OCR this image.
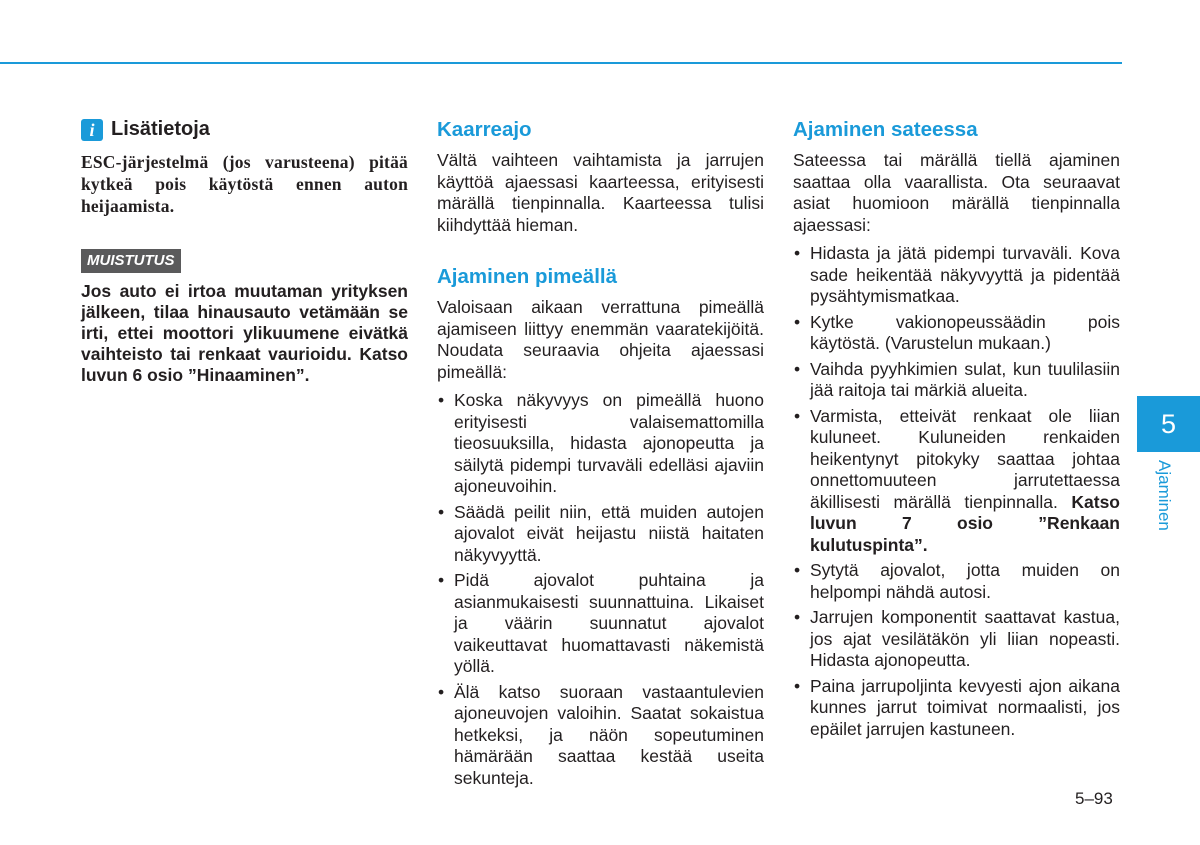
i Lisätietoja

ESC-järjestelmä (jos varusteena) pitää kytkeä pois käytöstä ennen auton heijaamista.

MUISTUTUS

Jos auto ei irtoa muutaman yrityksen jälkeen, tilaa hinausauto vetämään se irti, ettei moottori ylikuumene eivätkä vaihteisto tai renkaat vaurioidu. Katso luvun 6 osio ”Hinaaminen”.

Kaarreajo

Vältä vaihteen vaihtamista ja jarrujen käyttöä ajaessasi kaarteessa, erityisesti märällä tienpinnalla. Kaarteessa tulisi kiihdyttää hieman.

Ajaminen pimeällä

Valoisaan aikaan verrattuna pimeällä ajamiseen liittyy enemmän vaaratekijöitä. Noudata seuraavia ohjeita ajaessasi pimeällä:

• Koska näkyvyys on pimeällä huono erityisesti valaisemattomilla tieosuuksilla, hidasta ajonopeutta ja säilytä pidempi turvaväli edelläsi ajaviin ajoneuvoihin.
• Säädä peilit niin, että muiden autojen ajovalot eivät heijastu niistä haitaten näkyvyyttä.
• Pidä ajovalot puhtaina ja asianmukaisesti suunnattuina. Likaiset ja väärin suunnatut ajovalot vaikeuttavat huomattavasti näkemistä yöllä.
• Älä katso suoraan vastaantulevien ajoneuvojen valoihin. Saatat sokaistua hetkeksi, ja näön sopeutuminen hämärään saattaa kestää useita sekunteja.
Ajaminen sateessa

Sateessa tai märällä tiellä ajaminen saattaa olla vaarallista. Ota seuraavat asiat huomioon märällä tienpinnalla ajaessasi:

• Hidasta ja jätä pidempi turvaväli. Kova sade heikentää näkyvyyttä ja pidentää pysähtymismatkaa.
• Kytke vakionopeussäädin pois käytöstä. (Varustelun mukaan.)
• Vaihda pyyhkimien sulat, kun tuulilasiin jää raitoja tai märkiä alueita.
• Varmista, etteivät renkaat ole liian kuluneet. Kuluneiden renkaiden heikentynyt pitokyky saattaa johtaa onnettomuuteen jarrutettaessa äkillisesti märällä tienpinnalla. Katso luvun 7 osio ”Renkaan kulutuspinta”.
• Sytytä ajovalot, jotta muiden on helpompi nähdä autosi.
• Jarrujen komponentit saattavat kastua, jos ajat vesilätäkön yli liian nopeasti. Hidasta ajonopeutta.
• Paina jarrupoljinta kevyesti ajon aikana kunnes jarrut toimivat normaalisti, jos epäilet jarrujen kastuneen.
5
Ajaminen
5–93
